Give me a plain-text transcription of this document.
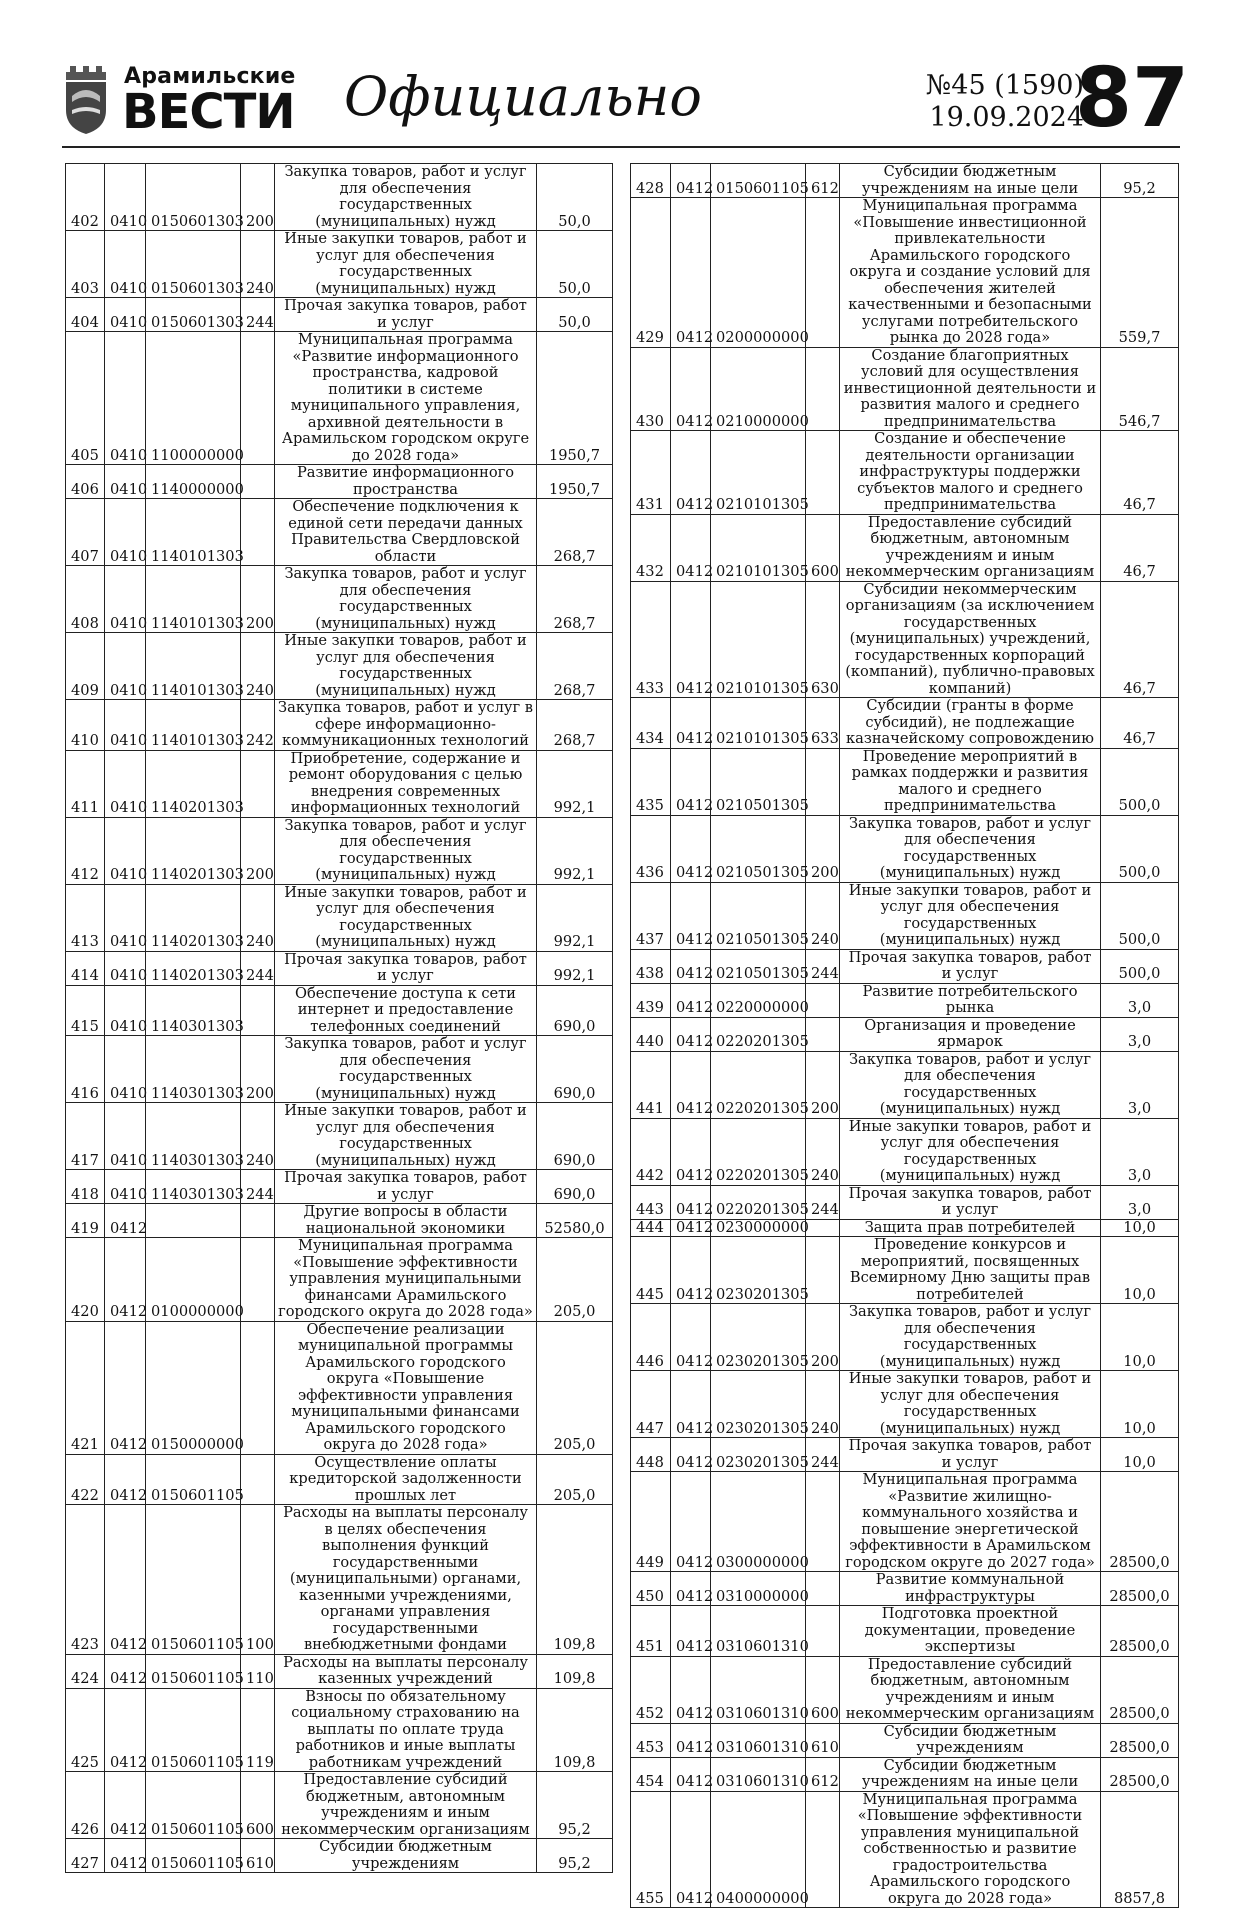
Арамильские
ВЕСТИ Официально	№45 (1590)
19.09.2024
87
402	0410	0150601303	200	Закупка товаров, работ и услуг для обеспечения государственных (муниципальных) нужд	50,0
403	0410	0150601303	240	Иные закупки товаров, работ и услуг для обеспечения государственных (муниципальных) нужд	50,0
404	0410	0150601303	244	Прочая закупка товаров, работ и услуг	50,0
405	0410	1100000000		Муниципальная программа «Развитие информационного пространства, кадровой политики в системе муниципального управления, архивной деятельности в Арамильском городском округе до 2028 года»	1950,7
406	0410	1140000000		Развитие информационного пространства	1950,7
407	0410	1140101303		Обеспечение подключения к единой сети передачи данных Правительства Свердловской области	268,7
408	0410	1140101303	200	Закупка товаров, работ и услуг для обеспечения государственных (муниципальных) нужд	268,7
409	0410	1140101303	240	Иные закупки товаров, работ и услуг для обеспечения государственных (муниципальных) нужд	268,7
410	0410	1140101303	242	Закупка товаров, работ и услуг в сфере информационно-коммуникационных технологий	268,7
411	0410	1140201303		Приобретение, содержание и ремонт оборудования с целью внедрения современных информационных технологий	992,1
412	0410	1140201303	200	Закупка товаров, работ и услуг для обеспечения государственных (муниципальных) нужд	992,1
413	0410	1140201303	240	Иные закупки товаров, работ и услуг для обеспечения государственных (муниципальных) нужд	992,1
414	0410	1140201303	244	Прочая закупка товаров, работ и услуг	992,1
415	0410	1140301303		Обеспечение доступа к сети интернет и предоставление телефонных соединений	690,0
416	0410	1140301303	200	Закупка товаров, работ и услуг для обеспечения государственных (муниципальных) нужд	690,0
417	0410	1140301303	240	Иные закупки товаров, работ и услуг для обеспечения государственных (муниципальных) нужд	690,0
418	0410	1140301303	244	Прочая закупка товаров, работ и услуг	690,0
419	0412			Другие вопросы в области национальной экономики	52580,0
420	0412	0100000000		Муниципальная программа «Повышение эффективности управления муниципальными финансами Арамильского городского округа до 2028 года»	205,0
421	0412	0150000000		Обеспечение реализации муниципальной программы Арамильского городского округа «Повышение эффективности управления муниципальными финансами Арамильского городского округа до 2028 года»	205,0
422	0412	0150601105		Осуществление оплаты кредиторской задолженности прошлых лет	205,0
423	0412	0150601105	100	Расходы на выплаты персоналу в целях обеспечения выполнения функций государственными (муниципальными) органами, казенными учреждениями, органами управления государственными внебюджетными фондами	109,8
424	0412	0150601105	110	Расходы на выплаты персоналу казенных учреждений	109,8
425	0412	0150601105	119	Взносы по обязательному социальному страхованию на выплаты по оплате труда работников и иные выплаты работникам учреждений	109,8
426	0412	0150601105	600	Предоставление субсидий бюджетным, автономным учреждениям и иным некоммерческим организациям	95,2
427	0412	0150601105	610	Субсидии бюджетным учреждениям	95,2
428	0412	0150601105	612	Субсидии бюджетным учреждениям на иные цели	95,2
429	0412	0200000000		Муниципальная программа «Повышение инвестиционной привлекательности Арамильского городского округа и создание условий для обеспечения жителей качественными и безопасными услугами потребительского рынка до 2028 года»	559,7
430	0412	0210000000		Создание благоприятных условий для осуществления инвестиционной деятельности и развития малого и среднего предпринимательства	546,7
431	0412	0210101305		Создание и обеспечение деятельности организации инфраструктуры поддержки субъектов малого и среднего предпринимательства	46,7
432	0412	0210101305	600	Предоставление субсидий бюджетным, автономным учреждениям и иным некоммерческим организациям	46,7
433	0412	0210101305	630	Субсидии некоммерческим организациям (за исключением государственных (муниципальных) учреждений, государственных корпораций (компаний), публично-правовых компаний)	46,7
434	0412	0210101305	633	Субсидии (гранты в форме субсидий), не подлежащие казначейскому сопровождению	46,7
435	0412	0210501305		Проведение мероприятий в рамках поддержки и развития малого и среднего предпринимательства	500,0
436	0412	0210501305	200	Закупка товаров, работ и услуг для обеспечения государственных (муниципальных) нужд	500,0
437	0412	0210501305	240	Иные закупки товаров, работ и услуг для обеспечения государственных (муниципальных) нужд	500,0
438	0412	0210501305	244	Прочая закупка товаров, работ и услуг	500,0
439	0412	0220000000		Развитие потребительского рынка	3,0
440	0412	0220201305		Организация и проведение ярмарок	3,0
441	0412	0220201305	200	Закупка товаров, работ и услуг для обеспечения государственных (муниципальных) нужд	3,0
442	0412	0220201305	240	Иные закупки товаров, работ и услуг для обеспечения государственных (муниципальных) нужд	3,0
443	0412	0220201305	244	Прочая закупка товаров, работ и услуг	3,0
444	0412	0230000000		Защита прав потребителей	10,0
445	0412	0230201305		Проведение конкурсов и мероприятий, посвященных Всемирному Дню защиты прав потребителей	10,0
446	0412	0230201305	200	Закупка товаров, работ и услуг для обеспечения государственных (муниципальных) нужд	10,0
447	0412	0230201305	240	Иные закупки товаров, работ и услуг для обеспечения государственных (муниципальных) нужд	10,0
448	0412	0230201305	244	Прочая закупка товаров, работ и услуг	10,0
449	0412	0300000000		Муниципальная программа «Развитие жилищно-коммунального хозяйства и повышение энергетической эффективности в Арамильском городском округе до 2027 года»	28500,0
450	0412	0310000000		Развитие коммунальной инфраструктуры	28500,0
451	0412	0310601310		Подготовка проектной документации, проведение экспертизы	28500,0
452	0412	0310601310	600	Предоставление субсидий бюджетным, автономным учреждениям и иным некоммерческим организациям	28500,0
453	0412	0310601310	610	Субсидии бюджетным учреждениям	28500,0
454	0412	0310601310	612	Субсидии бюджетным учреждениям на иные цели	28500,0
455	0412	0400000000		Муниципальная программа «Повышение эффективности управления муниципальной собственностью и развитие градостроительства Арамильского городского округа до 2028 года»	8857,8
